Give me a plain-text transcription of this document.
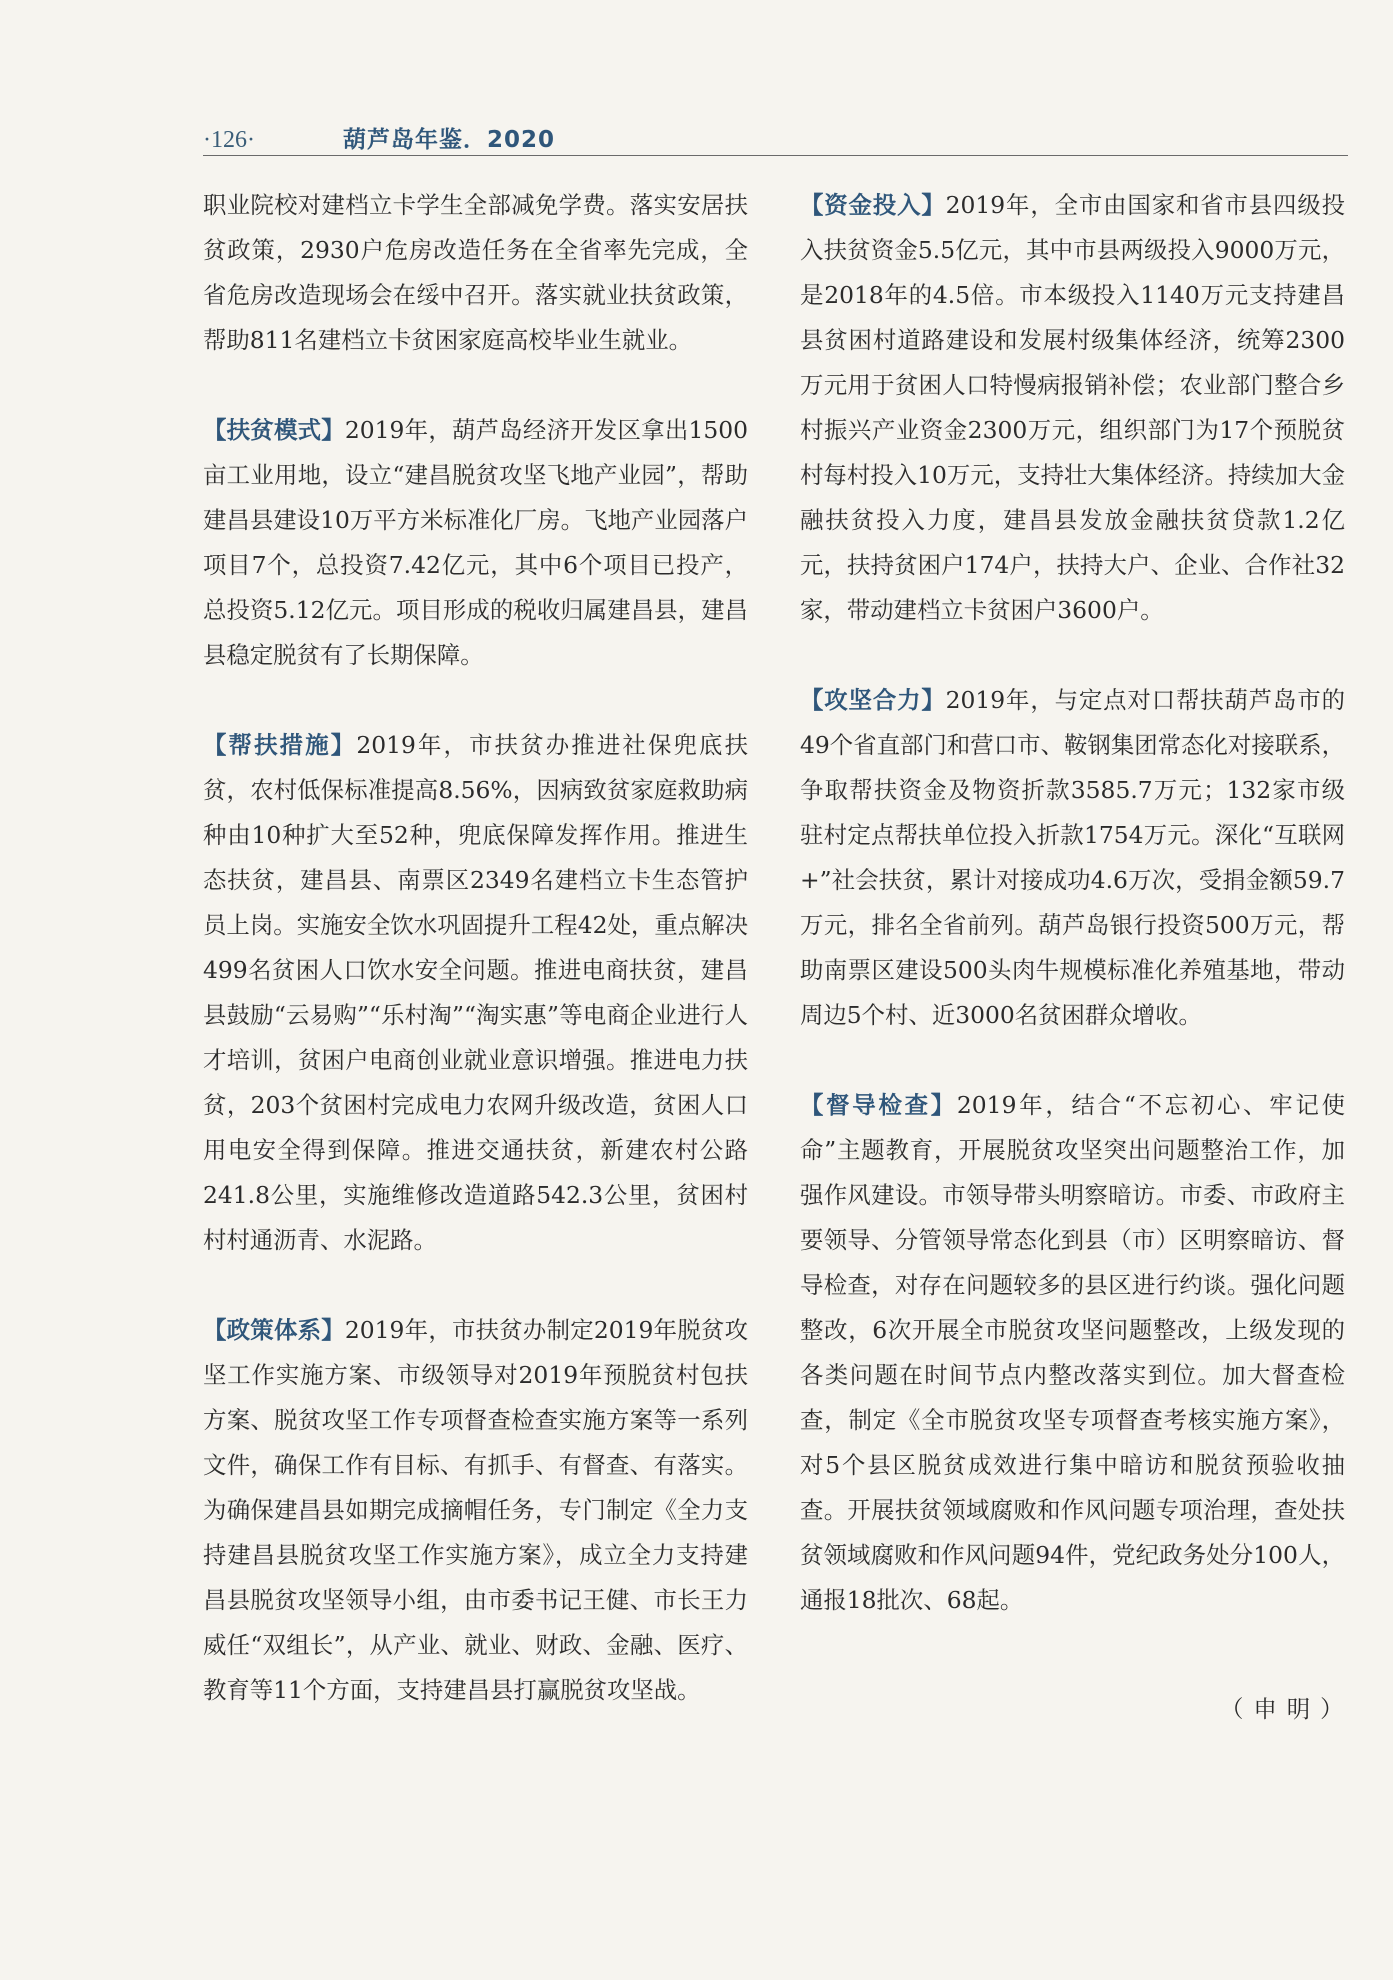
·126·	葫芦岛年鉴．2020

职业院校对建档立卡学生全部减免学费。落实安居扶贫政策，2930户危房改造任务在全省率先完成，全省危房改造现场会在绥中召开。落实就业扶贫政策，帮助811名建档立卡贫困家庭高校毕业生就业。

【扶贫模式】2019年，葫芦岛经济开发区拿出1500亩工业用地，设立“建昌脱贫攻坚飞地产业园”，帮助建昌县建设10万平方米标准化厂房。飞地产业园落户项目7个，总投资7.42亿元，其中6个项目已投产，总投资5.12亿元。项目形成的税收归属建昌县，建昌县稳定脱贫有了长期保障。

【帮扶措施】2019年，市扶贫办推进社保兜底扶贫，农村低保标准提高8.56%，因病致贫家庭救助病种由10种扩大至52种，兜底保障发挥作用。推进生态扶贫，建昌县、南票区2349名建档立卡生态管护员上岗。实施安全饮水巩固提升工程42处，重点解决499名贫困人口饮水安全问题。推进电商扶贫，建昌县鼓励“云易购”“乐村淘”“淘实惠”等电商企业进行人才培训，贫困户电商创业就业意识增强。推进电力扶贫，203个贫困村完成电力农网升级改造，贫困人口用电安全得到保障。推进交通扶贫，新建农村公路241.8公里，实施维修改造道路542.3公里，贫困村村村通沥青、水泥路。

【政策体系】2019年，市扶贫办制定2019年脱贫攻坚工作实施方案、市级领导对2019年预脱贫村包扶方案、脱贫攻坚工作专项督查检查实施方案等一系列文件，确保工作有目标、有抓手、有督查、有落实。为确保建昌县如期完成摘帽任务，专门制定《全力支持建昌县脱贫攻坚工作实施方案》，成立全力支持建昌县脱贫攻坚领导小组，由市委书记王健、市长王力威任“双组长”，从产业、就业、财政、金融、医疗、教育等11个方面，支持建昌县打赢脱贫攻坚战。

【资金投入】2019年，全市由国家和省市县四级投入扶贫资金5.5亿元，其中市县两级投入9000万元，是2018年的4.5倍。市本级投入1140万元支持建昌县贫困村道路建设和发展村级集体经济，统筹2300万元用于贫困人口特慢病报销补偿；农业部门整合乡村振兴产业资金2300万元，组织部门为17个预脱贫村每村投入10万元，支持壮大集体经济。持续加大金融扶贫投入力度，建昌县发放金融扶贫贷款1.2亿元，扶持贫困户174户，扶持大户、企业、合作社32家，带动建档立卡贫困户3600户。

【攻坚合力】2019年，与定点对口帮扶葫芦岛市的49个省直部门和营口市、鞍钢集团常态化对接联系，争取帮扶资金及物资折款3585.7万元；132家市级驻村定点帮扶单位投入折款1754万元。深化“互联网+”社会扶贫，累计对接成功4.6万次，受捐金额59.7万元，排名全省前列。葫芦岛银行投资500万元，帮助南票区建设500头肉牛规模标准化养殖基地，带动周边5个村、近3000名贫困群众增收。

【督导检查】2019年，结合“不忘初心、牢记使命”主题教育，开展脱贫攻坚突出问题整治工作，加强作风建设。市领导带头明察暗访。市委、市政府主要领导、分管领导常态化到县（市）区明察暗访、督导检查，对存在问题较多的县区进行约谈。强化问题整改，6次开展全市脱贫攻坚问题整改，上级发现的各类问题在时间节点内整改落实到位。加大督查检查，制定《全市脱贫攻坚专项督查考核实施方案》，对5个县区脱贫成效进行集中暗访和脱贫预验收抽查。开展扶贫领域腐败和作风问题专项治理，查处扶贫领域腐败和作风问题94件，党纪政务处分100人，通报18批次、68起。

（申明）
